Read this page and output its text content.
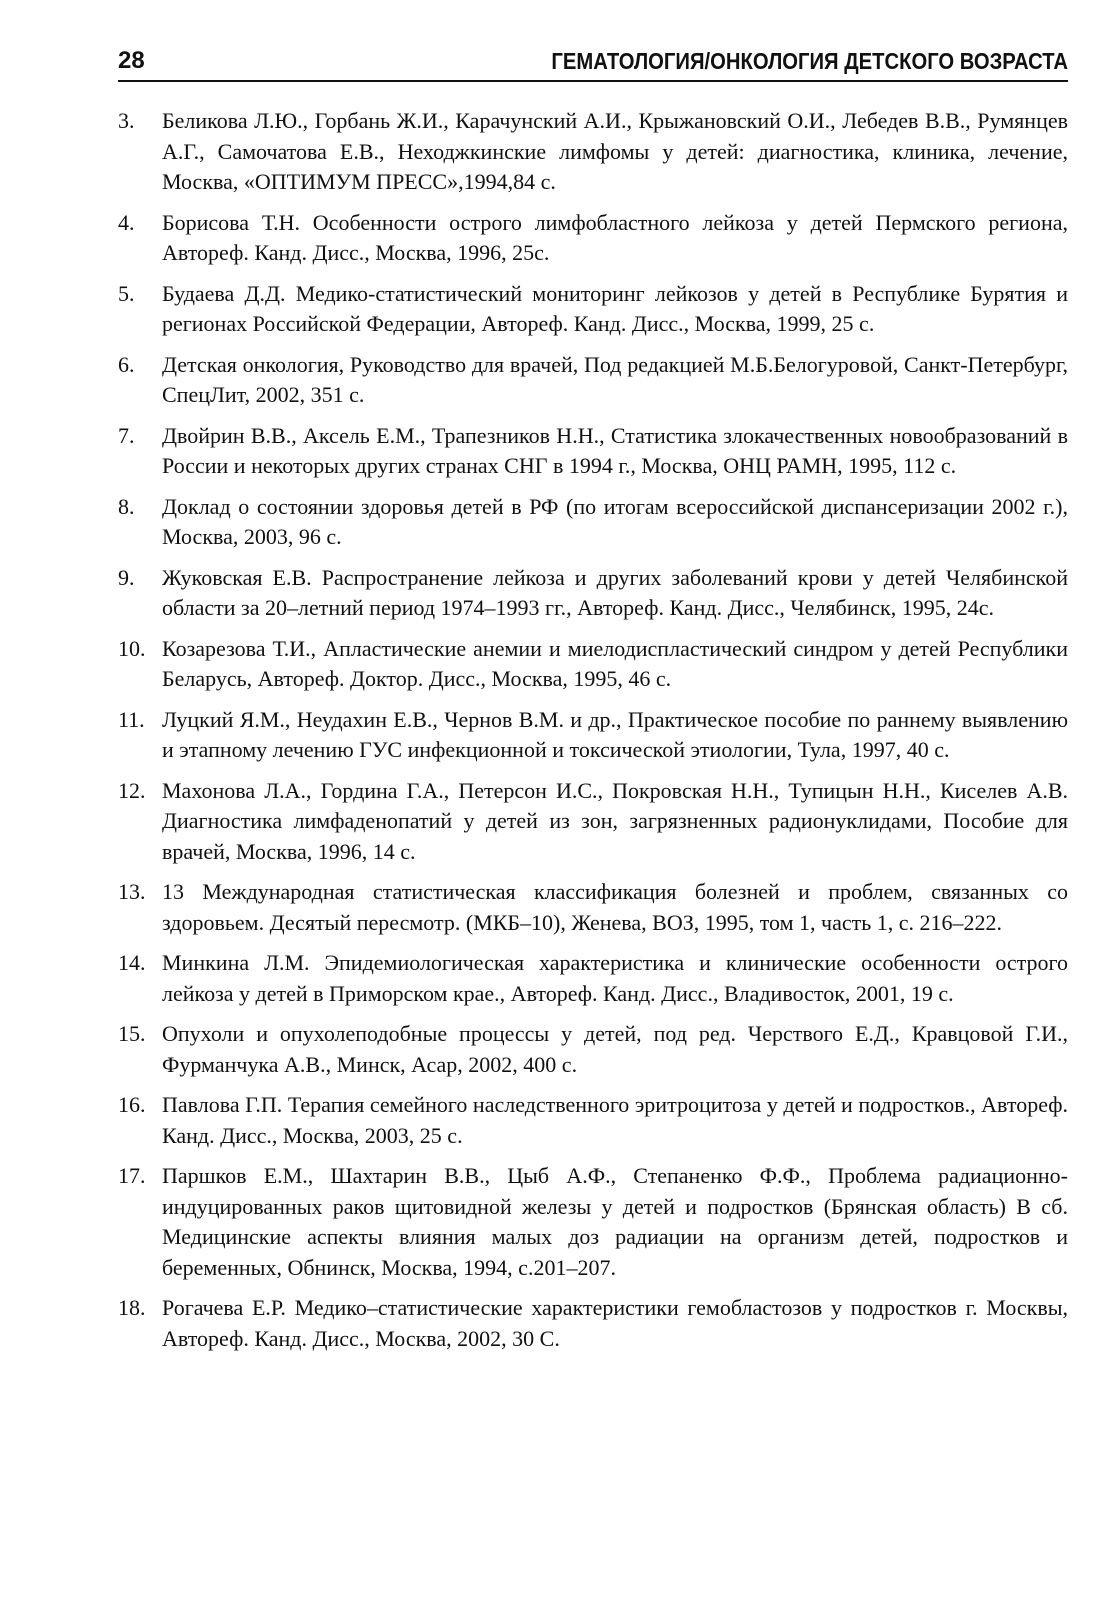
28	ГЕМАТОЛОГИЯ/ОНКОЛОГИЯ ДЕТСКОГО ВОЗРАСТА
3.	Беликова Л.Ю., Горбань Ж.И., Карачунский А.И., Крыжановский О.И., Лебедев В.В., Румянцев А.Г., Самочатова Е.В., Неходжкинские лимфомы у детей: диагностика, клиника, лечение, Москва, «ОПТИМУМ ПРЕСС»,1994,84 с.
4.	Борисова Т.Н. Особенности острого лимфобластного лейкоза у детей Пермского региона, Автореф. Канд. Дисс., Москва, 1996, 25с.
5.	Будаева Д.Д. Медико-статистический мониторинг лейкозов у детей в Республике Бурятия и регионах Российской Федерации, Автореф. Канд. Дисс., Москва, 1999, 25 с.
6.	Детская онкология, Руководство для врачей, Под редакцией М.Б.Белогуровой, Санкт-Петербург, СпецЛит, 2002, 351 с.
7.	Двойрин В.В., Аксель Е.М., Трапезников Н.Н., Статистика злокачественных новообразований в России и некоторых других странах СНГ в 1994 г., Москва, ОНЦ РАМН, 1995, 112 с.
8.	Доклад о состоянии здоровья детей в РФ (по итогам всероссийской диспансеризации 2002 г.), Москва, 2003, 96 с.
9.	Жуковская Е.В. Распространение лейкоза и других заболеваний крови у детей Челябинской области за 20–летний период 1974–1993 гг., Автореф. Канд. Дисс., Челябинск, 1995, 24с.
10. Козарезова Т.И., Апластические анемии и миелодиспластический синдром у детей Республики Беларусь, Автореф. Доктор. Дисс., Москва, 1995, 46 с.
11. Луцкий Я.М., Неудахин Е.В., Чернов В.М. и др., Практическое пособие по раннему выявлению и этапному лечению ГУС инфекционной и токсической этиологии, Тула, 1997, 40 с.
12. Махонова Л.А., Гордина Г.А., Петерсон И.С., Покровская Н.Н., Тупицын Н.Н., Киселев А.В. Диагностика лимфаденопатий у детей из зон, загрязненных радионуклидами, Пособие для врачей, Москва, 1996, 14 с.
13. 13 Международная статистическая классификация болезней и проблем, связанных со здоровьем. Десятый пересмотр. (МКБ–10), Женева, ВОЗ, 1995, том 1, часть 1, с. 216–222.
14. Минкина Л.М. Эпидемиологическая характеристика и клинические особенности острого лейкоза у детей в Приморском крае., Автореф. Канд. Дисс., Владивосток, 2001, 19 с.
15. Опухоли и опухолеподобные процессы у детей, под ред. Черствого Е.Д., Кравцовой Г.И., Фурманчука А.В., Минск, Асар, 2002, 400 с.
16. Павлова Г.П. Терапия семейного наследственного эритроцитоза у детей и подростков., Автореф. Канд. Дисс., Москва, 2003, 25 с.
17. Паршков Е.М., Шахтарин В.В., Цыб А.Ф., Степаненко Ф.Ф., Проблема радиационно-индуцированных раков щитовидной железы у детей и подростков (Брянская область) В сб. Медицинские аспекты влияния малых доз радиации на организм детей, подростков и беременных, Обнинск, Москва, 1994, с.201–207.
18. Рогачева Е.Р. Медико–статистические характеристики гемобластозов у подростков г. Москвы, Автореф. Канд. Дисс., Москва, 2002, 30 С.
